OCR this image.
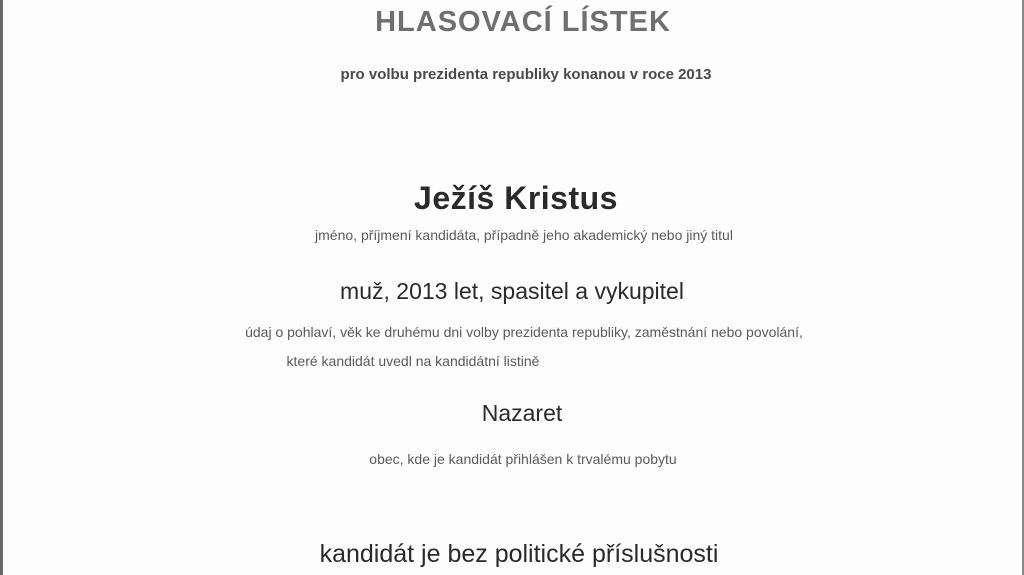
HLASOVACÍ LÍSTEK
pro volbu prezidenta republiky konanou v roce 2013
Ježíš Kristus
jméno, příjmení kandidáta, případně jeho akademický nebo jiný titul
muž, 2013 let, spasitel a vykupitel
údaj o pohlaví, věk ke druhému dni volby prezidenta republiky, zaměstnání nebo povolání,
které kandidát uvedl na kandidátní listině
Nazaret
obec, kde je kandidát přihlášen k trvalému pobytu
kandidát je bez politické příslušnosti
